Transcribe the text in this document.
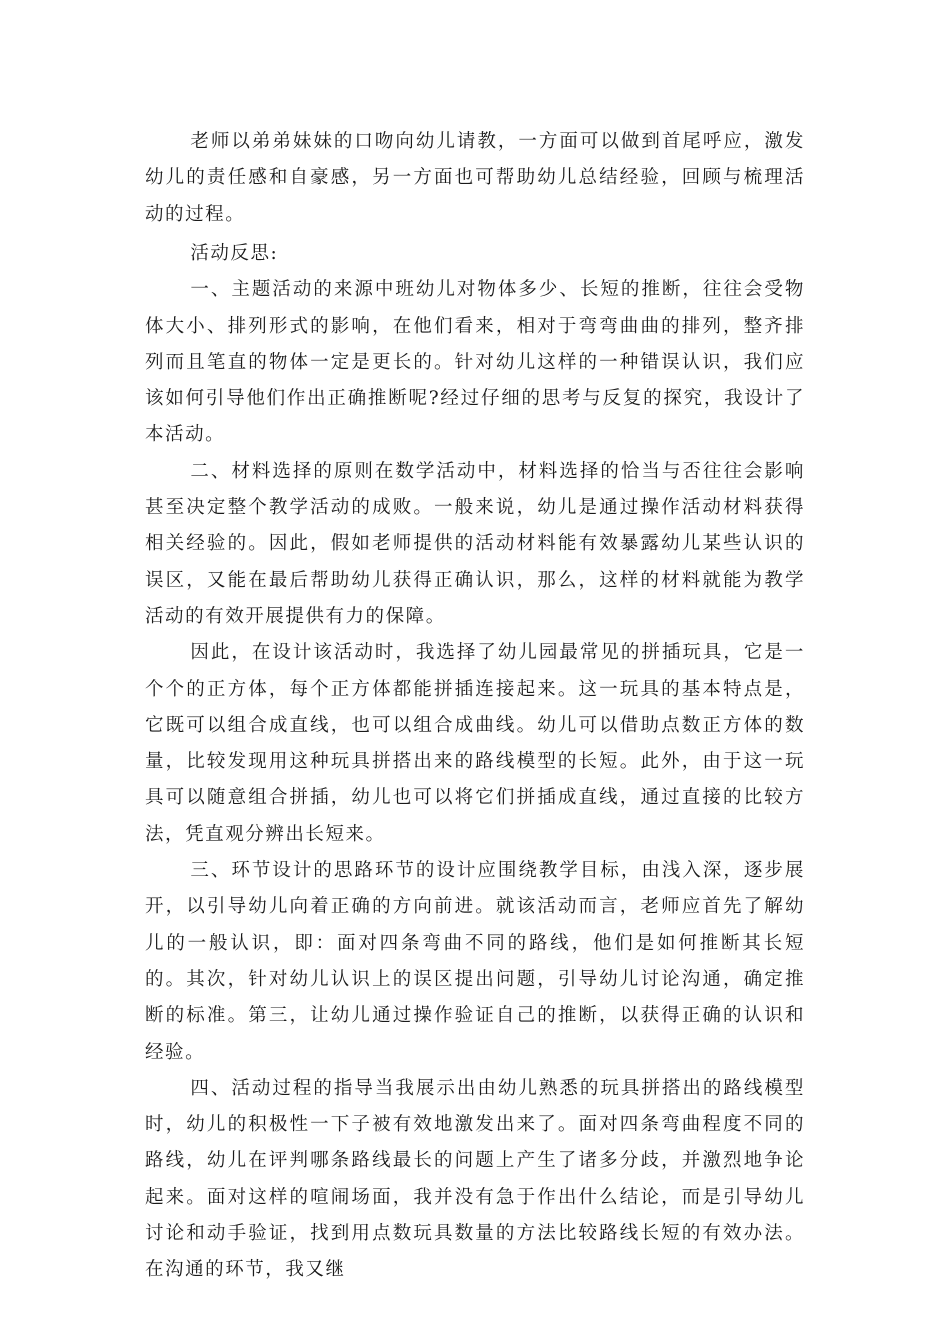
老师以弟弟妹妹的口吻向幼儿请教，一方面可以做到首尾呼应，激发幼儿的责任感和自豪感，另一方面也可帮助幼儿总结经验，回顾与梳理活动的过程。

活动反思:

一、主题活动的来源中班幼儿对物体多少、长短的推断，往往会受物体大小、排列形式的影响，在他们看来，相对于弯弯曲曲的排列，整齐排列而且笔直的物体一定是更长的。针对幼儿这样的一种错误认识，我们应该如何引导他们作出正确推断呢?经过仔细的思考与反复的探究，我设计了本活动。

二、材料选择的原则在数学活动中，材料选择的恰当与否往往会影响甚至决定整个教学活动的成败。一般来说，幼儿是通过操作活动材料获得相关经验的。因此，假如老师提供的活动材料能有效暴露幼儿某些认识的误区，又能在最后帮助幼儿获得正确认识，那么，这样的材料就能为教学活动的有效开展提供有力的保障。

因此，在设计该活动时，我选择了幼儿园最常见的拼插玩具，它是一个个的正方体，每个正方体都能拼插连接起来。这一玩具的基本特点是，它既可以组合成直线，也可以组合成曲线。幼儿可以借助点数正方体的数量，比较发现用这种玩具拼搭出来的路线模型的长短。此外，由于这一玩具可以随意组合拼插，幼儿也可以将它们拼插成直线，通过直接的比较方法，凭直观分辨出长短来。

三、环节设计的思路环节的设计应围绕教学目标，由浅入深，逐步展开，以引导幼儿向着正确的方向前进。就该活动而言，老师应首先了解幼儿的一般认识，即：面对四条弯曲不同的路线，他们是如何推断其长短的。其次，针对幼儿认识上的误区提出问题，引导幼儿讨论沟通，确定推断的标准。第三，让幼儿通过操作验证自己的推断，以获得正确的认识和经验。

四、活动过程的指导当我展示出由幼儿熟悉的玩具拼搭出的路线模型时，幼儿的积极性一下子被有效地激发出来了。面对四条弯曲程度不同的路线，幼儿在评判哪条路线最长的问题上产生了诸多分歧，并激烈地争论起来。面对这样的喧闹场面，我并没有急于作出什么结论，而是引导幼儿讨论和动手验证，找到用点数玩具数量的方法比较路线长短的有效办法。在沟通的环节，我又继
